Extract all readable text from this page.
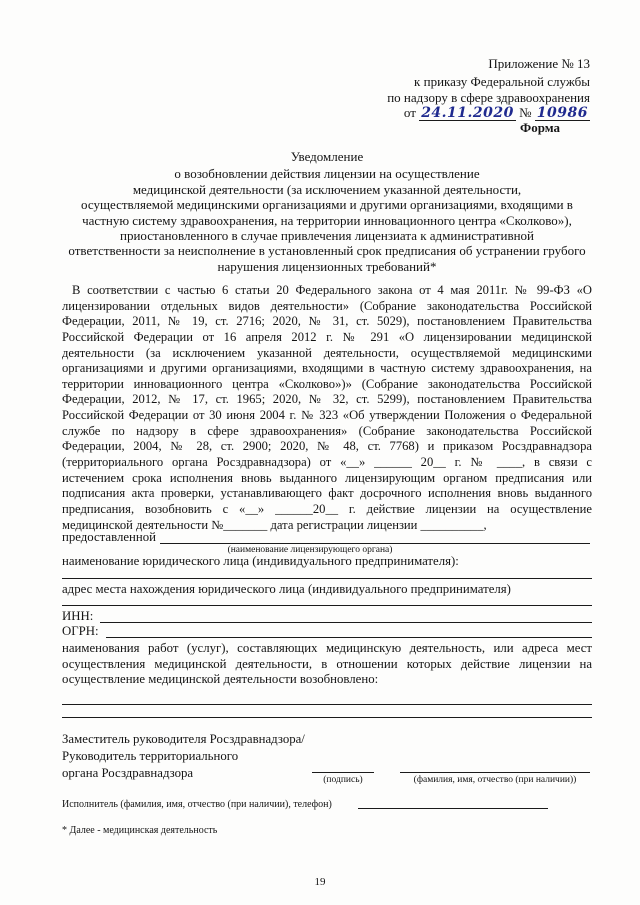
Приложение № 13
к приказу Федеральной службы
по надзору в сфере здравоохранения
от 24.11.2020 № 10986
Форма
Уведомление
о возобновлении действия лицензии на осуществление
медицинской деятельности (за исключением указанной деятельности,
осуществляемой медицинскими организациями и другими организациями, входящими в
частную систему здравоохранения, на территории инновационного центра «Сколково»),
приостановленного в случае привлечения лицензиата к административной
ответственности за неисполнение в установленный срок предписания об устранении грубого
нарушения лицензионных требований*
В соответствии с частью 6 статьи 20 Федерального закона от 4 мая 2011г. № 99-ФЗ «О
лицензировании отдельных видов деятельности» (Собрание законодательства Российской
Федерации, 2011, № 19, ст. 2716; 2020, № 31, ст. 5029), постановлением Правительства
Российской Федерации от 16 апреля 2012 г. № 291 «О лицензировании медицинской
деятельности (за исключением указанной деятельности, осуществляемой медицинскими
организациями и другими организациями, входящими в частную систему здравоохранения, на
территории инновационного центра «Сколково»)» (Собрание законодательства Российской
Федерации, 2012, № 17, ст. 1965; 2020, № 32, ст. 5299), постановлением Правительства
Российской Федерации от 30 июня 2004 г. № 323 «Об утверждении Положения о Федеральной
службе по надзору в сфере здравоохранения» (Собрание законодательства Российской
Федерации, 2004, № 28, ст. 2900; 2020, № 48, ст. 7768) и приказом Росздравнадзора
(территориального органа Росздравнадзора) от «__» ______ 20__ г. № ____, в связи с
истечением срока исполнения вновь выданного лицензирующим органом предписания или
подписания акта проверки, устанавливающего факт досрочного исполнения вновь выданного
предписания, возобновить с «__» ______20__ г. действие лицензии на осуществление
медицинской деятельности №_______ дата регистрации лицензии __________,
предоставленной
(наименование лицензирующего органа)
наименование юридического лица (индивидуального предпринимателя):
адрес места нахождения юридического лица (индивидуального предпринимателя)
ИНН:
ОГРН:
наименования работ (услуг), составляющих медицинскую деятельность, или адреса мест
осуществления медицинской деятельности, в отношении которых действие лицензии на
осуществление медицинской деятельности возобновлено:
Заместитель руководителя Росздравнадзора/
Руководитель территориального
органа Росздравнадзора	(подпись)	(фамилия, имя, отчество (при наличии))
Исполнитель (фамилия, имя, отчество (при наличии), телефон)
* Далее - медицинская деятельность
19
